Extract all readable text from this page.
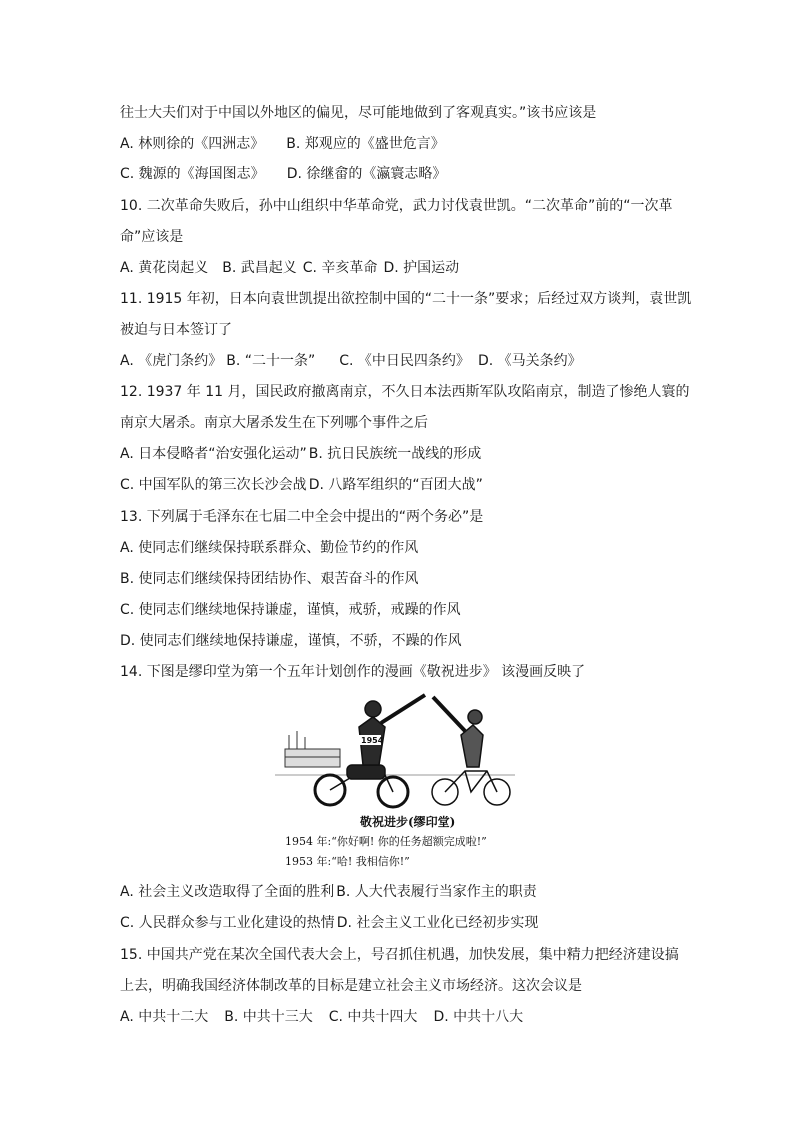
往士大夫们对于中国以外地区的偏见，尽可能地做到了客观真实。”该书应该是
A. 林则徐的《四洲志》 B. 郑观应的《盛世危言》
C. 魏源的《海国图志》 D. 徐继畲的《瀛寰志略》
10. 二次革命失败后，孙中山组织中华革命党，武力讨伐袁世凯。“二次革命”前的“一次革
命”应该是
A. 黄花岗起义 B. 武昌起义 C. 辛亥革命 D. 护国运动
11. 1915 年初，日本向袁世凯提出欲控制中国的“二十一条”要求；后经过双方谈判，袁世凯
被迫与日本签订了
A. 《虎门条约》 B. “二十一条” C. 《中日民四条约》 D. 《马关条约》
12. 1937 年 11 月，国民政府撤离南京，不久日本法西斯军队攻陷南京，制造了惨绝人寰的
南京大屠杀。南京大屠杀发生在下列哪个事件之后
A. 日本侵略者“治安强化运动” B. 抗日民族统一战线的形成
C. 中国军队的第三次长沙会战 D. 八路军组织的“百团大战”
13. 下列属于毛泽东在七届二中全会中提出的“两个务必”是
A. 使同志们继续保持联系群众、勤俭节约的作风
B. 使同志们继续保持团结协作、艰苦奋斗的作风
C. 使同志们继续地保持谦虚，谨慎，戒骄，戒躁的作风
D. 使同志们继续地保持谦虚，谨慎，不骄，不躁的作风
14. 下图是缪印堂为第一个五年计划创作的漫画《敬祝进步》 该漫画反映了
1954
敬祝进步(缪印堂)
1954 年:“你好啊! 你的任务超额完成啦!”
1953 年:“哈! 我相信你!”
A. 社会主义改造取得了全面的胜利 B. 人大代表履行当家作主的职责
C. 人民群众参与工业化建设的热情 D. 社会主义工业化已经初步实现
15. 中国共产党在某次全国代表大会上，号召抓住机遇，加快发展，集中精力把经济建设搞
上去，明确我国经济体制改革的目标是建立社会主义市场经济。这次会议是
A. 中共十二大 B. 中共十三大 C. 中共十四大 D. 中共十八大
